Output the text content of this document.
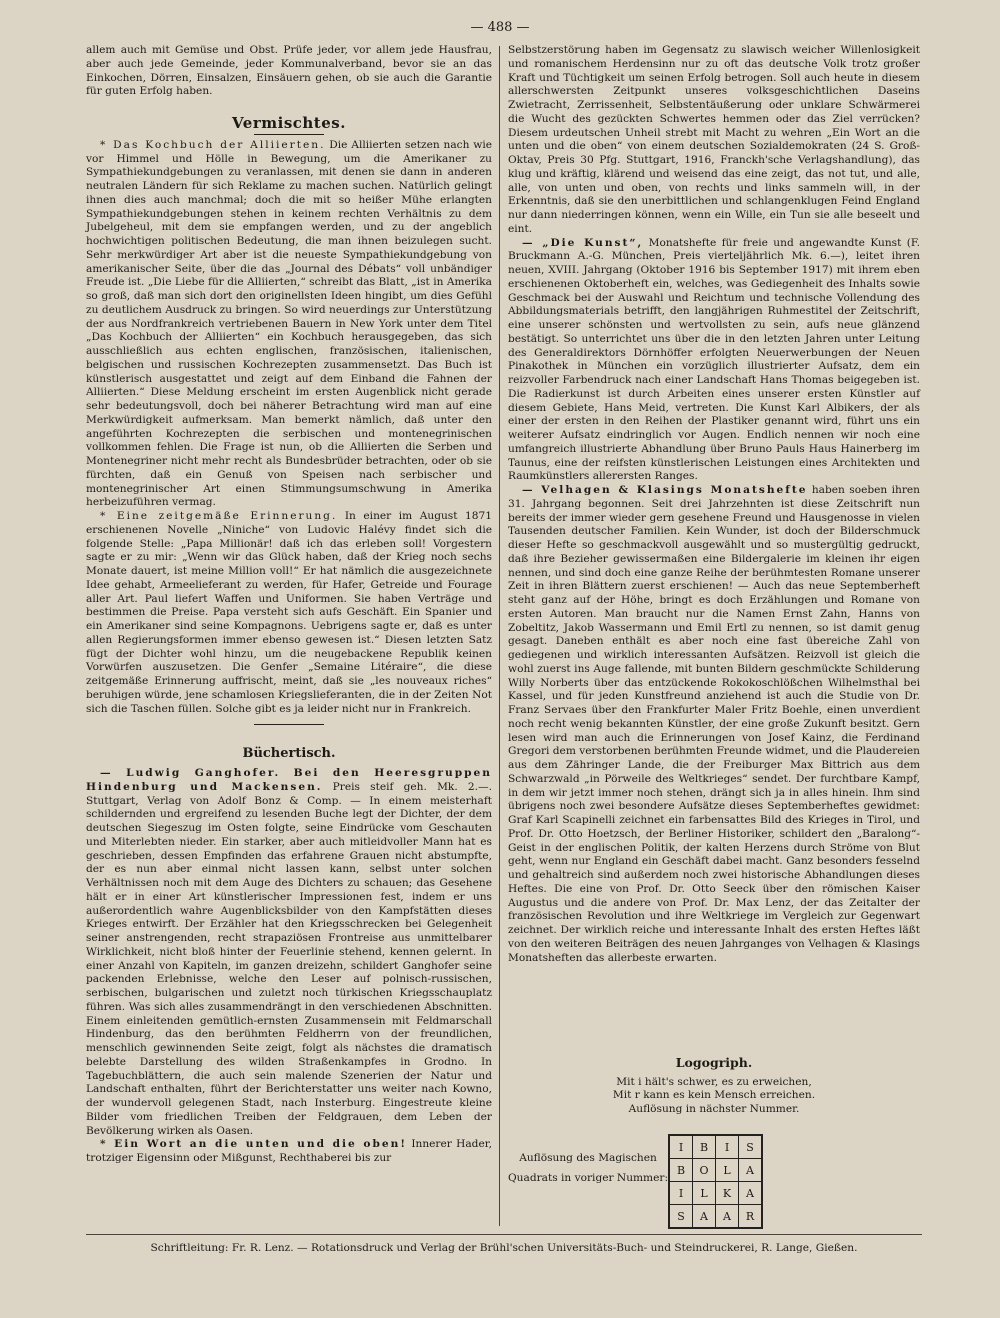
— 488 —

allem auch mit Gemüse und Obst. Prüfe jeder, vor allem jede Hausfrau, aber auch jede Gemeinde, jeder Kommunalverband, bevor sie an das Einkochen, Dörren, Einsalzen, Einsäuern gehen, ob sie auch die Garantie für guten Erfolg haben.

Vermischtes.

* Das Kochbuch der Alliierten. Die Alliierten setzen nach wie vor Himmel und Hölle in Bewegung, um die Amerikaner zu Sympathiekundgebungen zu veranlassen, mit denen sie dann in anderen neutralen Ländern für sich Reklame zu machen suchen. Natürlich gelingt ihnen dies auch manchmal; doch die mit so heißer Mühe erlangten Sympathiekundgebungen stehen in keinem rechten Verhältnis zu dem Jubelgeheul, mit dem sie empfangen werden, und zu der angeblich hochwichtigen politischen Bedeutung, die man ihnen beizulegen sucht. Sehr merkwürdiger Art aber ist die neueste Sympathiekundgebung von amerikanischer Seite, über die das „Journal des Débats“ voll unbändiger Freude ist. „Die Liebe für die Alliierten,“ schreibt das Blatt, „ist in Amerika so groß, daß man sich dort den originellsten Ideen hingibt, um dies Gefühl zu deutlichem Ausdruck zu bringen. So wird neuerdings zur Unterstützung der aus Nordfrankreich vertriebenen Bauern in New York unter dem Titel „Das Kochbuch der Alliierten“ ein Kochbuch herausgegeben, das sich ausschließlich aus echten englischen, französischen, italienischen, belgischen und russischen Kochrezepten zusammensetzt. Das Buch ist künstlerisch ausgestattet und zeigt auf dem Einband die Fahnen der Alliierten.“ Diese Meldung erscheint im ersten Augenblick nicht gerade sehr bedeutungsvoll, doch bei näherer Betrachtung wird man auf eine Merkwürdigkeit aufmerksam. Man bemerkt nämlich, daß unter den angeführten Kochrezepten die serbischen und montenegrinischen vollkommen fehlen. Die Frage ist nun, ob die Alliierten die Serben und Montenegriner nicht mehr recht als Bundesbrüder betrachten, oder ob sie fürchten, daß ein Genuß von Speisen nach serbischer und montenegrinischer Art einen Stimmungsumschwung in Amerika herbeizuführen vermag.

* Eine zeitgemäße Erinnerung. In einer im August 1871 erschienenen Novelle „Niniche“ von Ludovic Halévy findet sich die folgende Stelle: „Papa Millionär! daß ich das erleben soll! Vorgestern sagte er zu mir: „Wenn wir das Glück haben, daß der Krieg noch sechs Monate dauert, ist meine Million voll!“ Er hat nämlich die ausgezeichnete Idee gehabt, Armeelieferant zu werden, für Hafer, Getreide und Fourage aller Art. Paul liefert Waffen und Uniformen. Sie haben Verträge und bestimmen die Preise. Papa versteht sich aufs Geschäft. Ein Spanier und ein Amerikaner sind seine Kompagnons. Uebrigens sagte er, daß es unter allen Regierungsformen immer ebenso gewesen ist.“ Diesen letzten Satz fügt der Dichter wohl hinzu, um die neugebackene Republik keinen Vorwürfen auszusetzen. Die Genfer „Semaine Litéraire“, die diese zeitgemäße Erinnerung auffrischt, meint, daß sie „les nouveaux riches“ beruhigen würde, jene schamlosen Kriegslieferanten, die in der Zeiten Not sich die Taschen füllen. Solche gibt es ja leider nicht nur in Frankreich.

Büchertisch.

— Ludwig Ganghofer. Bei den Heeresgruppen Hindenburg und Mackensen. Preis steif geh. Mk. 2.—. Stuttgart, Verlag von Adolf Bonz & Comp. — In einem meisterhaft schildernden und ergreifend zu lesenden Buche legt der Dichter, der dem deutschen Siegeszug im Osten folgte, seine Eindrücke vom Geschauten und Miterlebten nieder. Ein starker, aber auch mitleidvoller Mann hat es geschrieben, dessen Empfinden das erfahrene Grauen nicht abstumpfte, der es nun aber einmal nicht lassen kann, selbst unter solchen Verhältnissen noch mit dem Auge des Dichters zu schauen; das Gesehene hält er in einer Art künstlerischer Impressionen fest, indem er uns außerordentlich wahre Augenblicksbilder von den Kampfstätten dieses Krieges entwirft. Der Erzähler hat den Kriegsschrecken bei Gelegenheit seiner anstrengenden, recht strapaziösen Frontreise aus unmittelbarer Wirklichkeit, nicht bloß hinter der Feuerlinie stehend, kennen gelernt. In einer Anzahl von Kapiteln, im ganzen dreizehn, schildert Ganghofer seine packenden Erlebnisse, welche den Leser auf polnisch-russischen, serbischen, bulgarischen und zuletzt noch türkischen Kriegsschauplatz führen. Was sich alles zusammendrängt in den verschiedenen Abschnitten. Einem einleitenden gemütlich-ernsten Zusammensein mit Feldmarschall Hindenburg, das den berühmten Feldherrn von der freundlichen, menschlich gewinnenden Seite zeigt, folgt als nächstes die dramatisch belebte Darstellung des wilden Straßenkampfes in Grodno. In Tagebuchblättern, die auch sein malende Szenerien der Natur und Landschaft enthalten, führt der Berichterstatter uns weiter nach Kowno, der wundervoll gelegenen Stadt, nach Insterburg. Eingestreute kleine Bilder vom friedlichen Treiben der Feldgrauen, dem Leben der Bevölkerung wirken als Oasen.

* Ein Wort an die unten und die oben! Innerer Hader, trotziger Eigensinn oder Mißgunst, Rechthaberei bis zur

Selbstzerstörung haben im Gegensatz zu slawisch weicher Willenlosigkeit und romanischem Herdensinn nur zu oft das deutsche Volk trotz großer Kraft und Tüchtigkeit um seinen Erfolg betrogen. Soll auch heute in diesem allerschwersten Zeitpunkt unseres volksgeschichtlichen Daseins Zwietracht, Zerrissenheit, Selbstentäußerung oder unklare Schwärmerei die Wucht des gezückten Schwertes hemmen oder das Ziel verrücken? Diesem urdeutschen Unheil strebt mit Macht zu wehren „Ein Wort an die unten und die oben“ von einem deutschen Sozialdemokraten (24 S. Groß-Oktav, Preis 30 Pfg. Stuttgart, 1916, Franckh'sche Verlagshandlung), das klug und kräftig, klärend und weisend das eine zeigt, das not tut, und alle, alle, von unten und oben, von rechts und links sammeln will, in der Erkenntnis, daß sie den unerbittlichen und schlangenklugen Feind England nur dann niederringen können, wenn ein Wille, ein Tun sie alle beseelt und eint.

— „Die Kunst“, Monatshefte für freie und angewandte Kunst (F. Bruckmann A.-G. München, Preis vierteljährlich Mk. 6.—), leitet ihren neuen, XVIII. Jahrgang (Oktober 1916 bis September 1917) mit ihrem eben erschienenen Oktoberheft ein, welches, was Gediegenheit des Inhalts sowie Geschmack bei der Auswahl und Reichtum und technische Vollendung des Abbildungsmaterials betrifft, den langjährigen Ruhmestitel der Zeitschrift, eine unserer schönsten und wertvollsten zu sein, aufs neue glänzend bestätigt. So unterrichtet uns über die in den letzten Jahren unter Leitung des Generaldirektors Dörnhöffer erfolgten Neuerwerbungen der Neuen Pinakothek in München ein vorzüglich illustrierter Aufsatz, dem ein reizvoller Farbendruck nach einer Landschaft Hans Thomas beigegeben ist. Die Radierkunst ist durch Arbeiten eines unserer ersten Künstler auf diesem Gebiete, Hans Meid, vertreten. Die Kunst Karl Albikers, der als einer der ersten in den Reihen der Plastiker genannt wird, führt uns ein weiterer Aufsatz eindringlich vor Augen. Endlich nennen wir noch eine umfangreich illustrierte Abhandlung über Bruno Pauls Haus Hainerberg im Taunus, eine der reifsten künstlerischen Leistungen eines Architekten und Raumkünstlers allerersten Ranges.

— Velhagen & Klasings Monatshefte haben soeben ihren 31. Jahrgang begonnen. Seit drei Jahrzehnten ist diese Zeitschrift nun bereits der immer wieder gern gesehene Freund und Hausgenosse in vielen Tausenden deutscher Familien. Kein Wunder, ist doch der Bilderschmuck dieser Hefte so geschmackvoll ausgewählt und so mustergültig gedruckt, daß ihre Bezieher gewissermaßen eine Bildergalerie im kleinen ihr eigen nennen, und sind doch eine ganze Reihe der berühmtesten Romane unserer Zeit in ihren Blättern zuerst erschienen! — Auch das neue Septemberheft steht ganz auf der Höhe, bringt es doch Erzählungen und Romane von ersten Autoren. Man braucht nur die Namen Ernst Zahn, Hanns von Zobeltitz, Jakob Wassermann und Emil Ertl zu nennen, so ist damit genug gesagt. Daneben enthält es aber noch eine fast übereiche Zahl von gediegenen und wirklich interessanten Aufsätzen. Reizvoll ist gleich die wohl zuerst ins Auge fallende, mit bunten Bildern geschmückte Schilderung Willy Norberts über das entzückende Rokokoschlößchen Wilhelmsthal bei Kassel, und für jeden Kunstfreund anziehend ist auch die Studie von Dr. Franz Servaes über den Frankfurter Maler Fritz Boehle, einen unverdient noch recht wenig bekannten Künstler, der eine große Zukunft besitzt. Gern lesen wird man auch die Erinnerungen von Josef Kainz, die Ferdinand Gregori dem verstorbenen berühmten Freunde widmet, und die Plaudereien aus dem Zähringer Lande, die der Freiburger Max Bittrich aus dem Schwarzwald „in Pörweile des Weltkrieges“ sendet. Der furchtbare Kampf, in dem wir jetzt immer noch stehen, drängt sich ja in alles hinein. Ihm sind übrigens noch zwei besondere Aufsätze dieses Septemberheftes gewidmet: Graf Karl Scapinelli zeichnet ein farbensattes Bild des Krieges in Tirol, und Prof. Dr. Otto Hoetzsch, der Berliner Historiker, schildert den „Baralong“-Geist in der englischen Politik, der kalten Herzens durch Ströme von Blut geht, wenn nur England ein Geschäft dabei macht. Ganz besonders fesselnd und gehaltreich sind außerdem noch zwei historische Abhandlungen dieses Heftes. Die eine von Prof. Dr. Otto Seeck über den römischen Kaiser Augustus und die andere von Prof. Dr. Max Lenz, der das Zeitalter der französischen Revolution und ihre Weltkriege im Vergleich zur Gegenwart zeichnet. Der wirklich reiche und interessante Inhalt des ersten Heftes läßt von den weiteren Beiträgen des neuen Jahrganges von Velhagen & Klasings Monatsheften das allerbeste erwarten.

Logogriph.
Mit i hält's schwer, es zu erweichen,
Mit r kann es kein Mensch erreichen.
Auflösung in nächster Nummer.
Auflösung des Magischen Quadrats in voriger Nummer:
I	B	I	S
B	O	L	A
I	L	K	A
S	A	A	R
Schriftleitung: Fr. R. Lenz. — Rotationsdruck und Verlag der Brühl'schen Universitäts-Buch- und Steindruckerei, R. Lange, Gießen.
